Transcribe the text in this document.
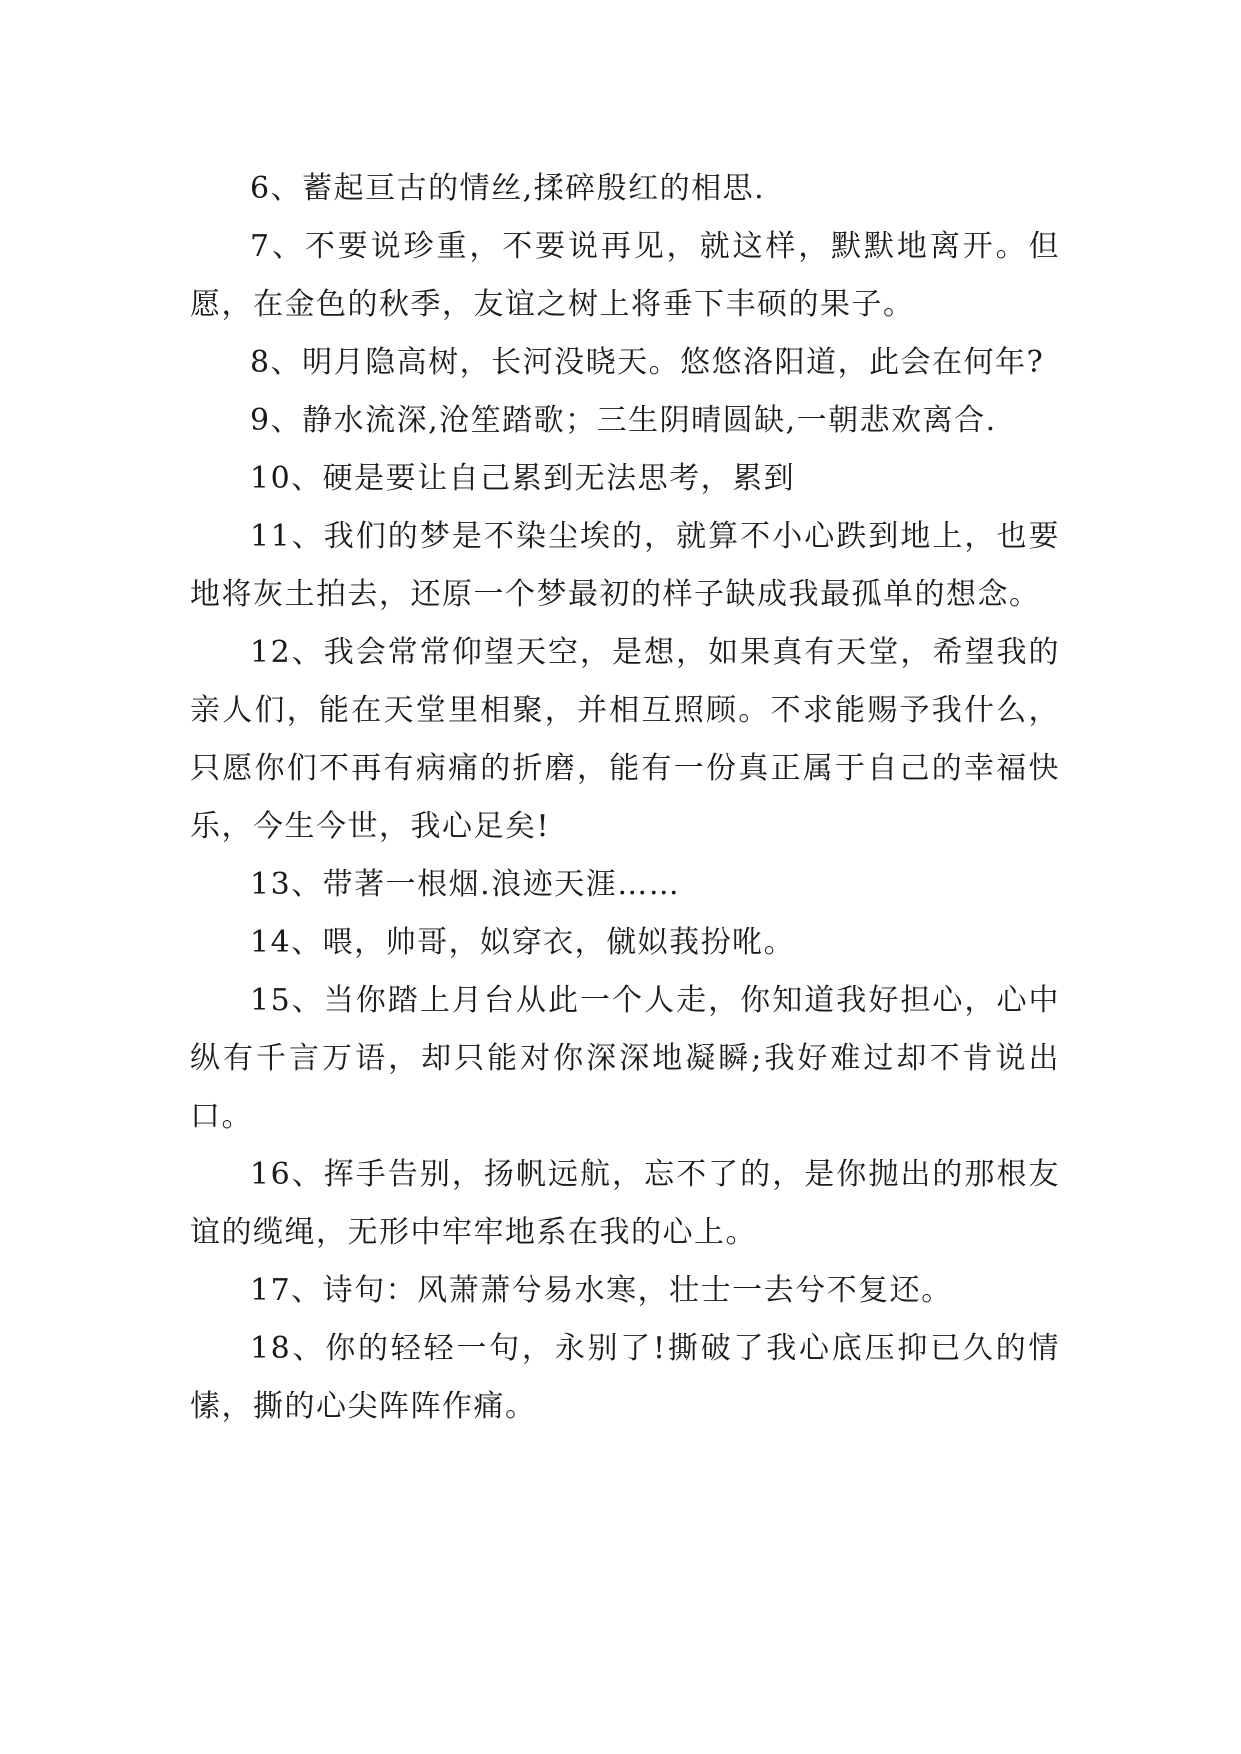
6、蓄起亘古的情丝,揉碎殷红的相思.

7、不要说珍重，不要说再见，就这样，默默地离开。但愿，在金色的秋季，友谊之树上将垂下丰硕的果子。

8、明月隐高树，长河没晓天。悠悠洛阳道，此会在何年?

9、静水流深,沧笙踏歌；三生阴晴圆缺,一朝悲欢离合.

10、硬是要让自己累到无法思考，累到

11、我们的梦是不染尘埃的，就算不小心跌到地上，也要地将灰土拍去，还原一个梦最初的样子缺成我最孤单的想念。

12、我会常常仰望天空，是想，如果真有天堂，希望我的亲人们，能在天堂里相聚，并相互照顾。不求能赐予我什么，只愿你们不再有病痛的折磨，能有一份真正属于自己的幸福快乐，今生今世，我心足矣!

13、带著一根烟.浪迹天涯……

14、喂，帅哥，姒穿衣，僦姒莪扮吪。

15、当你踏上月台从此一个人走，你知道我好担心，心中纵有千言万语，却只能对你深深地凝瞬;我好难过却不肯说出口。

16、挥手告别，扬帆远航，忘不了的，是你抛出的那根友谊的缆绳，无形中牢牢地系在我的心上。

17、诗句：风萧萧兮易水寒，壮士一去兮不复还。

18、你的轻轻一句，永别了!撕破了我心底压抑已久的情愫，撕的心尖阵阵作痛。
